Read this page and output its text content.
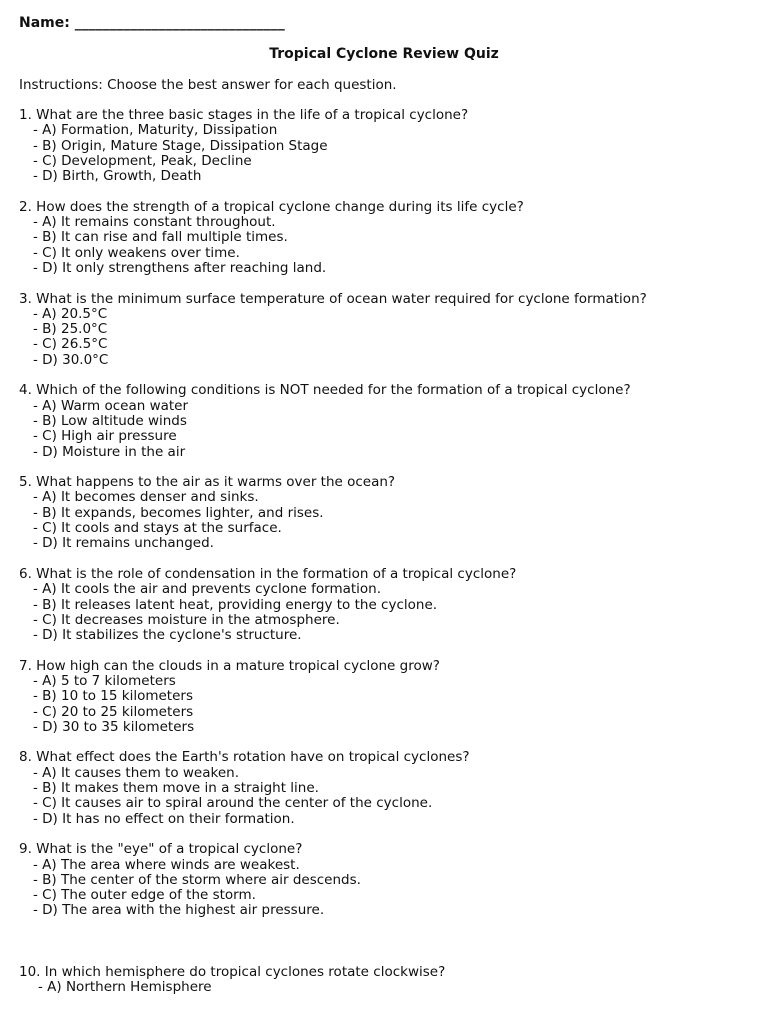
Name: ______________________________
Tropical Cyclone Review Quiz
Instructions: Choose the best answer for each question.
1. What are the three basic stages in the life of a tropical cyclone?
- A) Formation, Maturity, Dissipation
- B) Origin, Mature Stage, Dissipation Stage
- C) Development, Peak, Decline
- D) Birth, Growth, Death
2. How does the strength of a tropical cyclone change during its life cycle?
- A) It remains constant throughout.
- B) It can rise and fall multiple times.
- C) It only weakens over time.
- D) It only strengthens after reaching land.
3. What is the minimum surface temperature of ocean water required for cyclone formation?
- A) 20.5°C
- B) 25.0°C
- C) 26.5°C
- D) 30.0°C
4. Which of the following conditions is NOT needed for the formation of a tropical cyclone?
- A) Warm ocean water
- B) Low altitude winds
- C) High air pressure
- D) Moisture in the air
5. What happens to the air as it warms over the ocean?
- A) It becomes denser and sinks.
- B) It expands, becomes lighter, and rises.
- C) It cools and stays at the surface.
- D) It remains unchanged.
6. What is the role of condensation in the formation of a tropical cyclone?
- A) It cools the air and prevents cyclone formation.
- B) It releases latent heat, providing energy to the cyclone.
- C) It decreases moisture in the atmosphere.
- D) It stabilizes the cyclone's structure.
7. How high can the clouds in a mature tropical cyclone grow?
- A) 5 to 7 kilometers
- B) 10 to 15 kilometers
- C) 20 to 25 kilometers
- D) 30 to 35 kilometers
8. What effect does the Earth's rotation have on tropical cyclones?
- A) It causes them to weaken.
- B) It makes them move in a straight line.
- C) It causes air to spiral around the center of the cyclone.
- D) It has no effect on their formation.
9. What is the "eye" of a tropical cyclone?
- A) The area where winds are weakest.
- B) The center of the storm where air descends.
- C) The outer edge of the storm.
- D) The area with the highest air pressure.
10. In which hemisphere do tropical cyclones rotate clockwise?
- A) Northern Hemisphere
